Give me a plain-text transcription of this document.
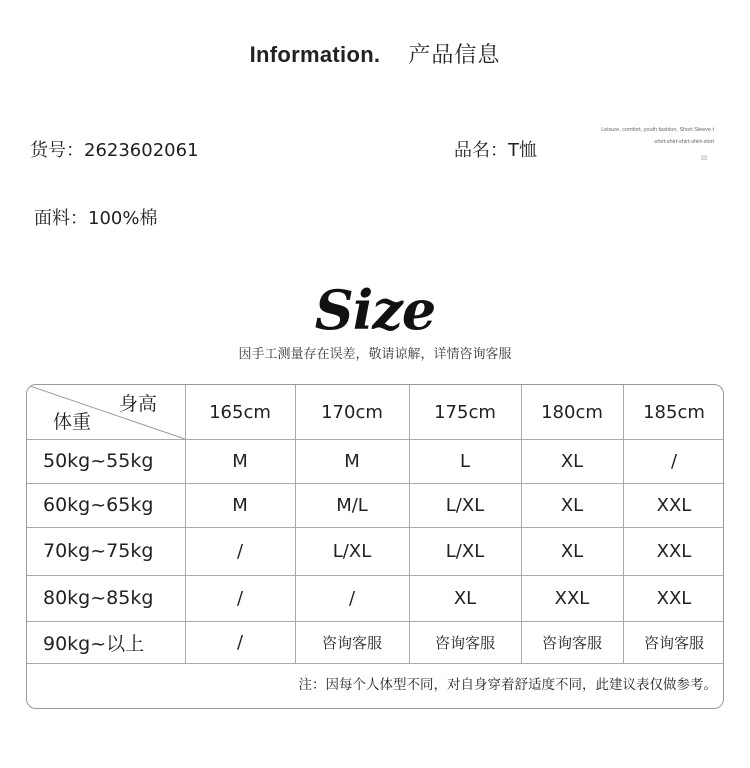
Information. 产品信息
货号：2623602061	品名：T恤
面料：100%棉
Leisure, comfort, youth fashion, Short Sleeve t
-shirt-shirt-shirt-shirt-shirt
≡
Size
因手工测量存在误差，敬请谅解，详情咨询客服
身高
体重
注：因每个人体型不同，对自身穿着舒适度不同，此建议表仅做参考。
165cm	170cm	175cm	180cm	185cm
50kg~55kg	M	M	L	XL	/
60kg~65kg	M	M/L	L/XL	XL	XXL
70kg~75kg	/	L/XL	L/XL	XL	XXL
80kg~85kg	/	/	XL	XXL	XXL
90kg~以上	/	咨询客服	咨询客服	咨询客服	咨询客服
